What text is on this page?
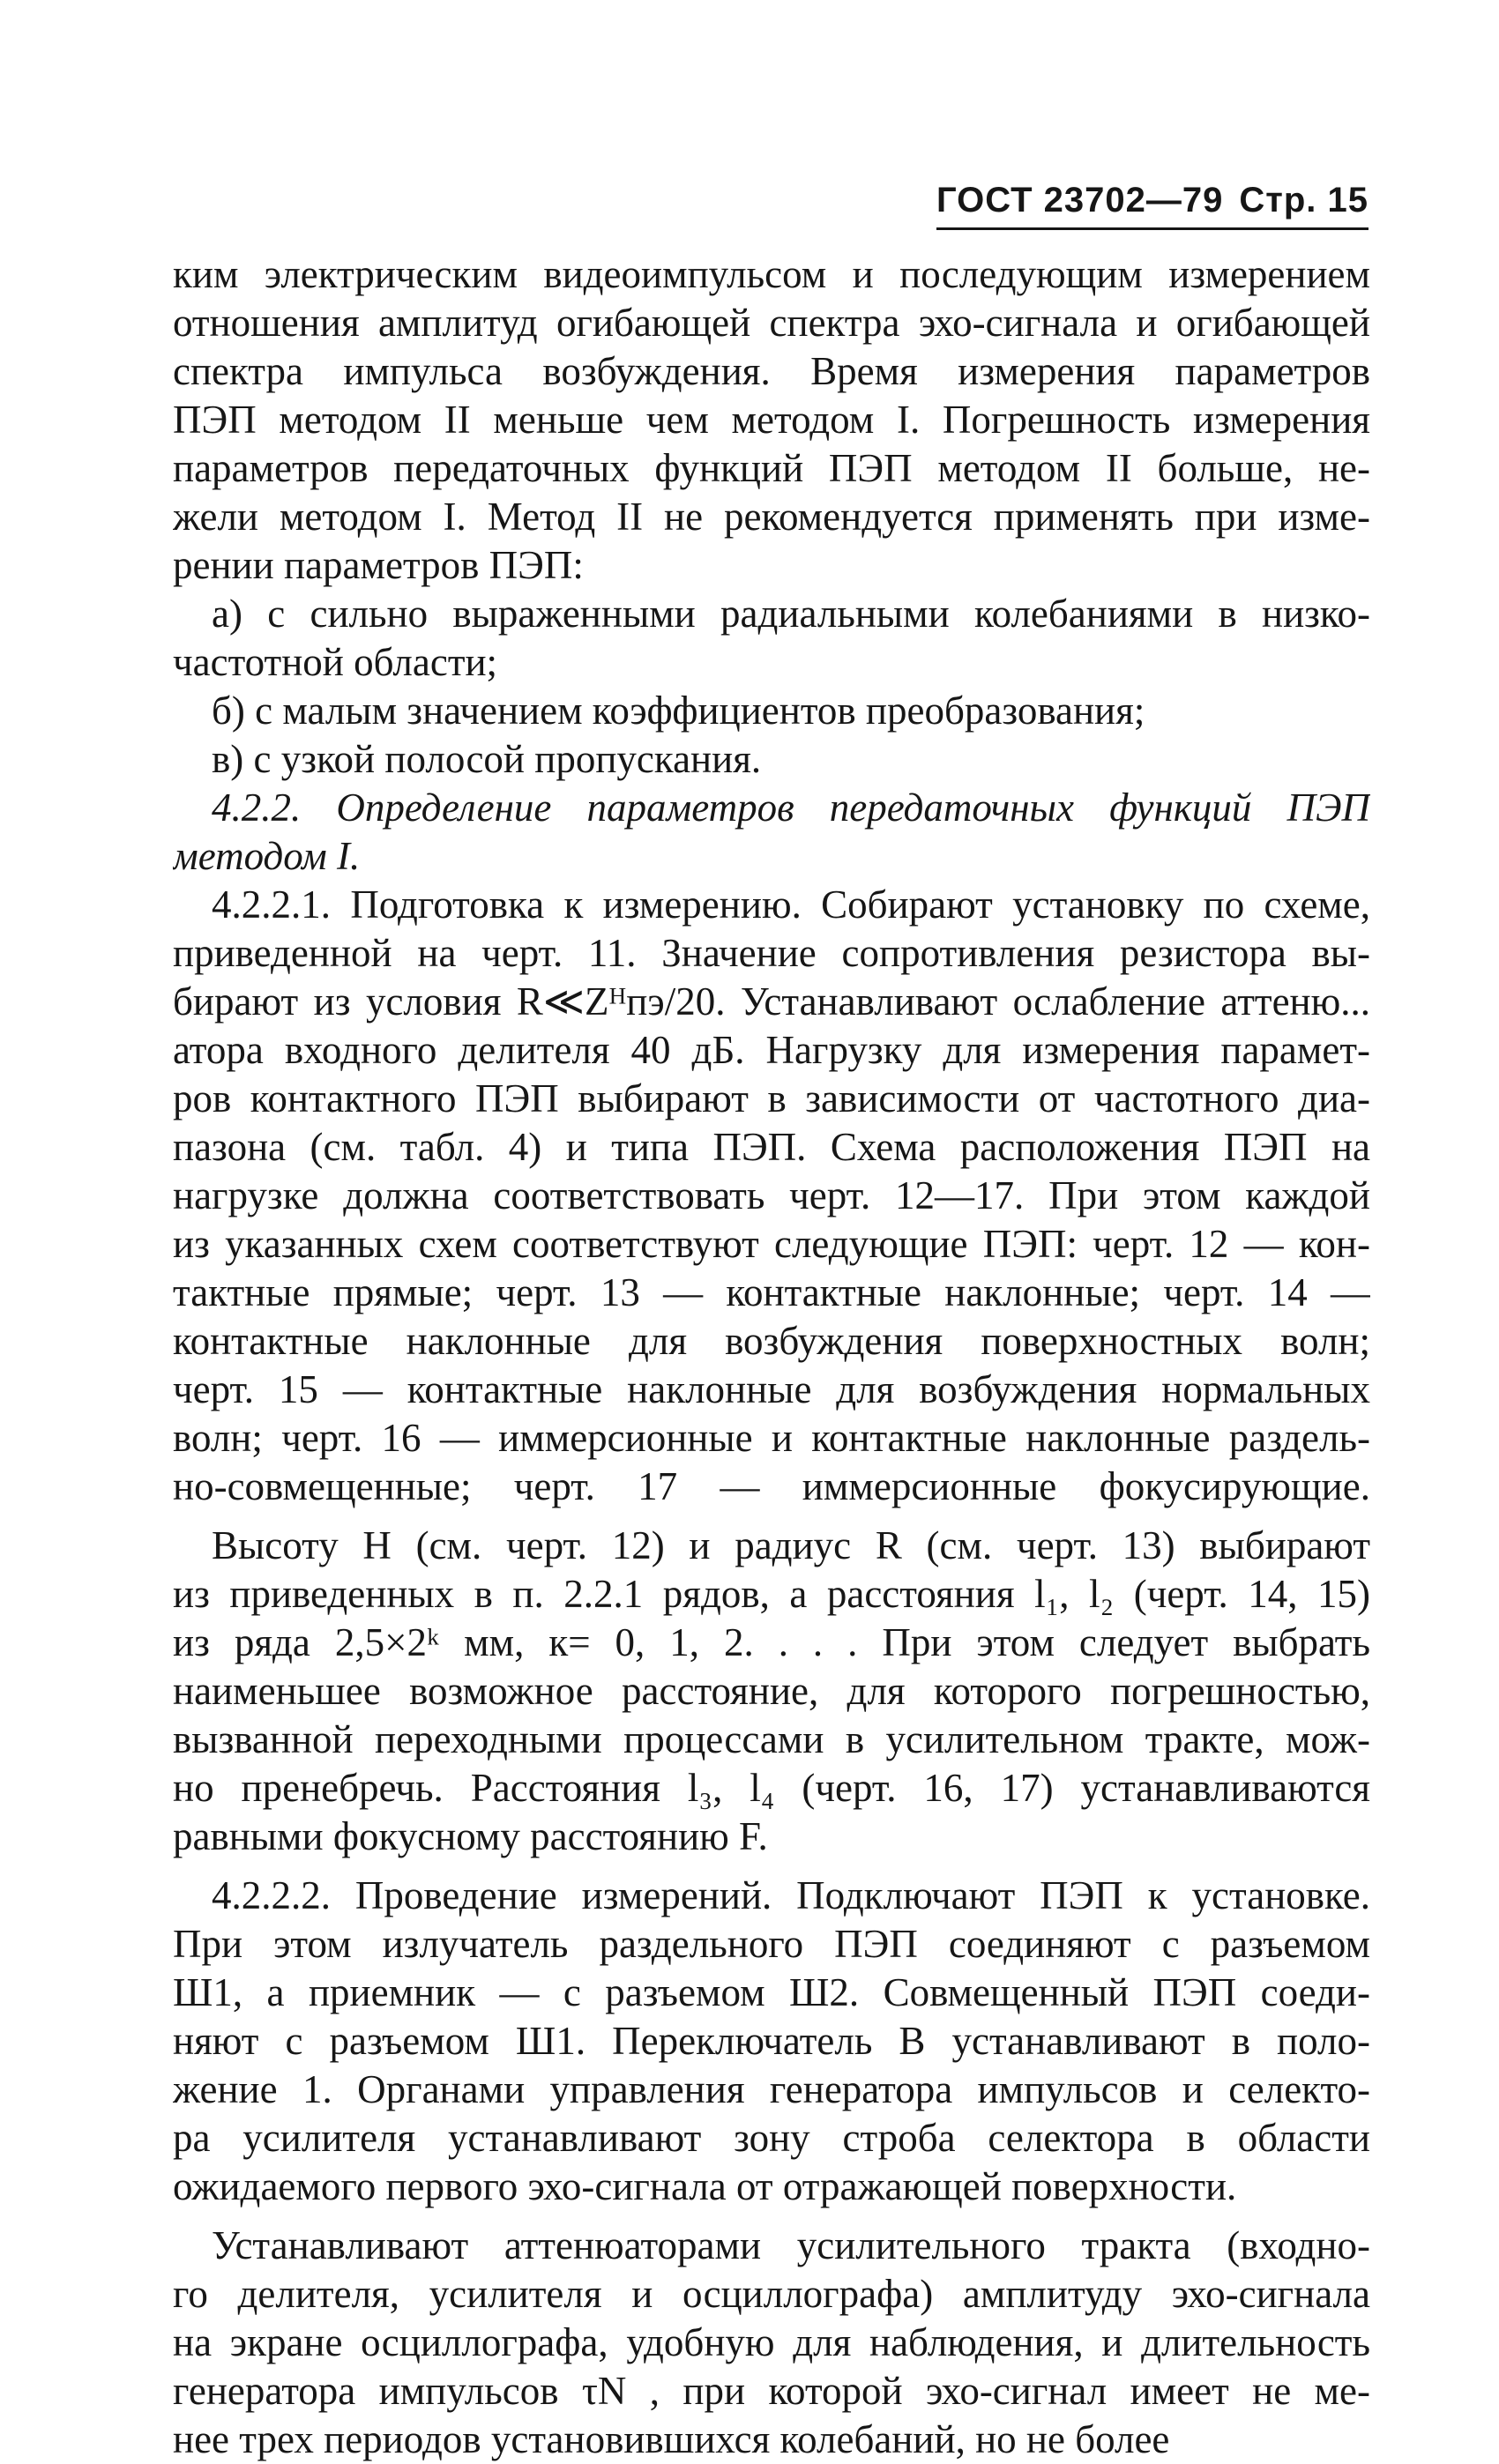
ГОСТ 23702—79 Стр. 15
ким электрическим видеоимпульсом и последующим измерением
отношения амплитуд огибающей спектра эхо-сигнала и огибающей
спектра импульса возбуждения. Время измерения параметров
ПЭП методом II меньше чем методом I. Погрешность измерения
параметров передаточных функций ПЭП методом II больше, не-
жели методом I. Метод II не рекомендуется применять при изме-
рении параметров ПЭП:
а) с сильно выраженными радиальными колебаниями в низко-
частотной области;
б) с малым значением коэффициентов преобразования;
в) с узкой полосой пропускания.
4.2.2. Определение параметров передаточных функций ПЭП
методом I.
4.2.2.1. Подготовка к измерению. Собирают установку по схеме,
приведенной на черт. 11. Значение сопротивления резистора вы-
бирают из условия R≪Zᴴпэ/20. Устанавливают ослабление аттеню...
атора входного делителя 40 дБ. Нагрузку для измерения парамет-
ров контактного ПЭП выбирают в зависимости от частотного диа-
пазона (см. табл. 4) и типа ПЭП. Схема расположения ПЭП на
нагрузке должна соответствовать черт. 12—17. При этом каждой
из указанных схем соответствуют следующие ПЭП: черт. 12 — кон-
тактные прямые; черт. 13 — контактные наклонные; черт. 14 —
контактные наклонные для возбуждения поверхностных волн;
черт. 15 — контактные наклонные для возбуждения нормальных
волн; черт. 16 — иммерсионные и контактные наклонные раздель-
но-совмещенные; черт. 17 — иммерсионные фокусирующие.
Высоту H (см. черт. 12) и радиус R (см. черт. 13) выбирают
из приведенных в п. 2.2.1 рядов, а расстояния l₁, l₂ (черт. 14, 15)
из ряда 2,5×2ᵏ мм, к= 0, 1, 2. . . . При этом следует выбрать
наименьшее возможное расстояние, для которого погрешностью,
вызванной переходными процессами в усилительном тракте, мож-
но пренебречь. Расстояния l₃, l₄ (черт. 16, 17) устанавливаются
равными фокусному расстоянию F.
4.2.2.2. Проведение измерений. Подключают ПЭП к установке.
При этом излучатель раздельного ПЭП соединяют с разъемом
Ш1, а приемник — с разъемом Ш2. Совмещенный ПЭП соеди-
няют с разъемом Ш1. Переключатель В устанавливают в поло-
жение 1. Органами управления генератора импульсов и селекто-
ра усилителя устанавливают зону строба селектора в области
ожидаемого первого эхо-сигнала от отражающей поверхности.
Устанавливают аттенюаторами усилительного тракта (входно-
го делителя, усилителя и осциллографа) амплитуду эхо-сигнала
на экране осциллографа, удобную для наблюдения, и длительность
генератора импульсов τN , при которой эхо-сигнал имеет не ме-
нее трех периодов установившихся колебаний, но не более
